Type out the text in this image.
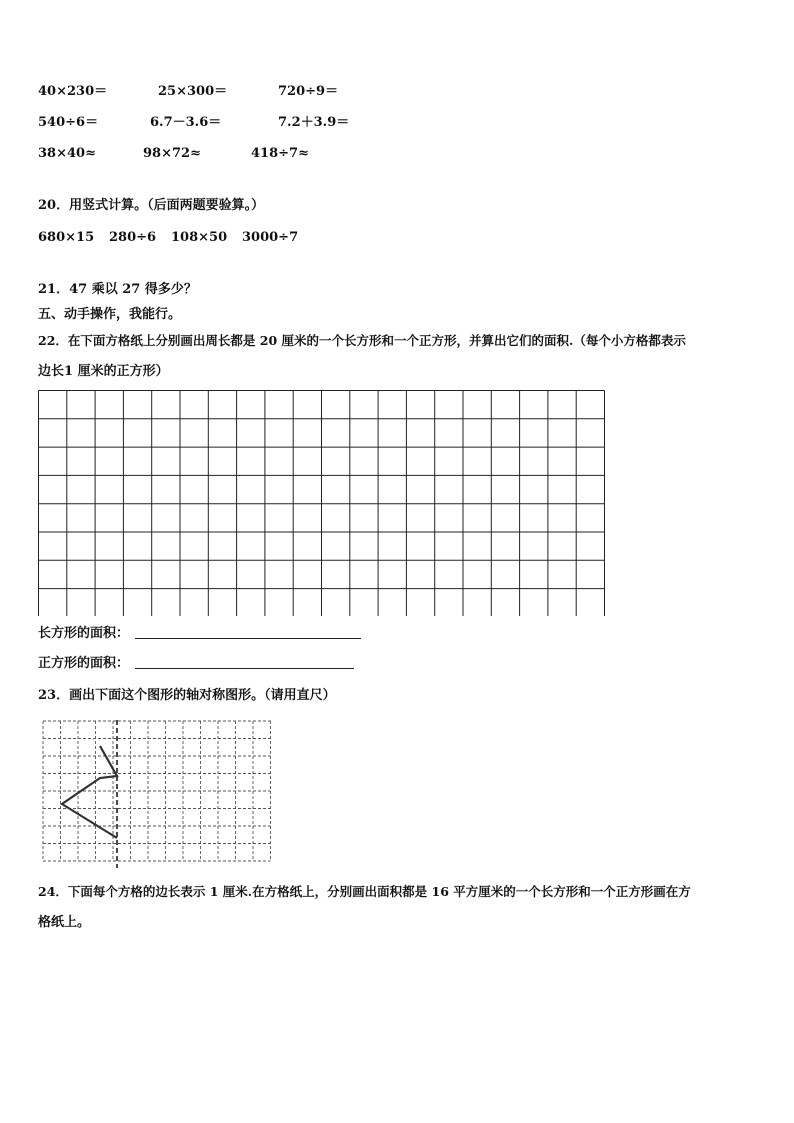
40×230＝	25×300＝	720÷9＝
540÷6＝	6.7－3.6＝	7.2＋3.9＝
38×40≈	98×72≈	418÷7≈
20．用竖式计算。（后面两题要验算。）
680×15 280÷6 108×50 3000÷7
21．47 乘以 27 得多少？
五、动手操作，我能行。
22．在下面方格纸上分别画出周长都是 20 厘米的一个长方形和一个正方形，并算出它们的面积.（每个小方格都表示
边长1 厘米的正方形）
长方形的面积：
正方形的面积：
23．画出下面这个图形的轴对称图形。（请用直尺）
24．下面每个方格的边长表示 1 厘米.在方格纸上，分别画出面积都是 16 平方厘米的一个长方形和一个正方形画在方
格纸上。
